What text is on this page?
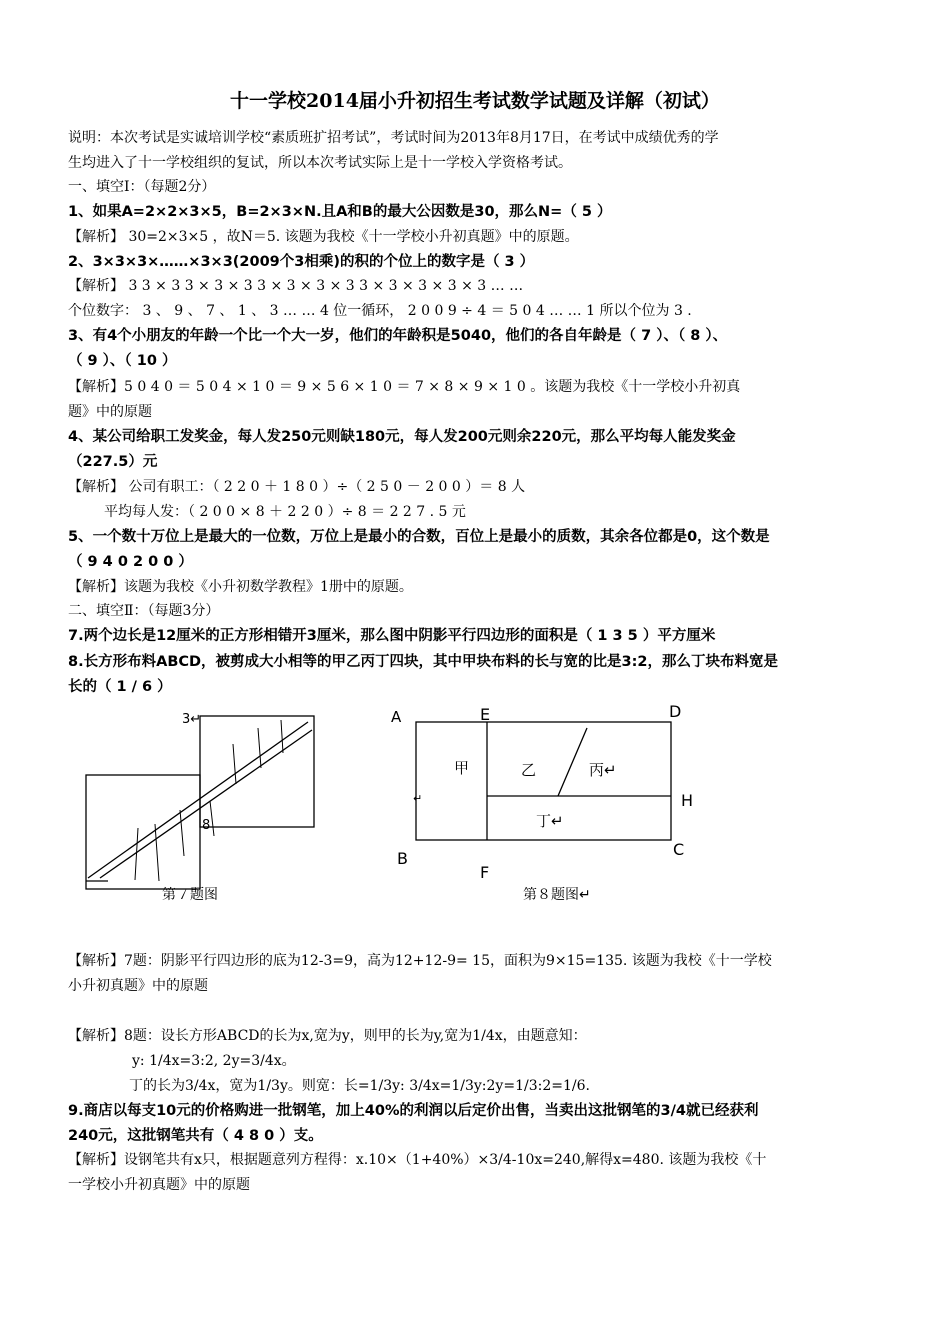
十一学校2014届小升初招生考试数学试题及详解（初试）
说明：本次考试是实诚培训学校“素质班扩招考试”，考试时间为2013年8月17日，在考试中成绩优秀的学
生均进入了十一学校组织的复试，所以本次考试实际上是十一学校入学资格考试。
一、填空Ⅰ：（每题2分）
1、如果A=2×2×3×5，B=2×3×N.且A和B的最大公因数是30，那么N=（ 5 ）
【解析】 30=2×3×5 ，故N＝5. 该题为我校《十一学校小升初真题》中的原题。
2、3×3×3×……×3×3(2009个3相乘)的积的个位上的数字是（ 3 ）
【解析】 3 3 × 3 3 × 3 × 3 3 × 3 × 3 × 3 3 × 3 × 3 × 3 × 3 … …
个位数字： 3 、 9 、 7 、 1 、 3 … … 4 位一循环， 2 0 0 9 ÷ 4 ＝ 5 0 4 … … 1 所以个位为 3 .
3、有4个小朋友的年龄一个比一个大一岁，他们的年龄积是5040，他们的各自年龄是（ 7 ）、（ 8 ）、
（ 9 ）、（ 10 ）
【解析】5 0 4 0 ＝ 5 0 4 × 1 0 ＝ 9 × 5 6 × 1 0 ＝ 7 × 8 × 9 × 1 0 。该题为我校《十一学校小升初真
题》中的原题
4、某公司给职工发奖金，每人发250元则缺180元，每人发200元则余220元，那么平均每人能发奖金
（227.5）元
【解析】 公司有职工：（ 2 2 0 ＋ 1 8 0 ）÷（ 2 5 0 － 2 0 0 ）＝ 8 人
平均每人发：（ 2 0 0 × 8 ＋ 2 2 0 ）÷ 8 ＝ 2 2 7 . 5 元
5、一个数十万位上是最大的一位数，万位上是最小的合数，百位上是最小的质数，其余各位都是0，这个数是
（ 9 4 0 2 0 0 ）
【解析】该题为我校《小升初数学教程》1册中的原题。
二、填空Ⅱ：（每题3分）
7.两个边长是12厘米的正方形相错开3厘米，那么图中阴影平行四边形的面积是（ 1 3 5 ）平方厘米
8.长方形布料ABCD，被剪成大小相等的甲乙丙丁四块，其中甲块布料的长与宽的比是3:2，那么丁块布料宽是
长的（ 1 / 6 ）
3↵
8
第７题图
A	E	D
B
F
C
H
甲	乙	丙↵
丁↵
↵
第８题图↵
【解析】7题：阴影平行四边形的底为12-3=9，高为12+12-9= 15，面积为9×15=135. 该题为我校《十一学校
小升初真题》中的原题
【解析】8题：设长方形ABCD的长为x,宽为y，则甲的长为y,宽为1/4x，由题意知：
y: 1/4x=3:2, 2y=3/4x。
丁的长为3/4x，宽为1/3y。则宽：长=1/3y: 3/4x=1/3y:2y=1/3:2=1/6.
9.商店以每支10元的价格购进一批钢笔，加上40%的利润以后定价出售，当卖出这批钢笔的3/4就已经获利
240元，这批钢笔共有（ 4 8 0 ）支。
【解析】设钢笔共有x只，根据题意列方程得：x.10×（1+40%）×3/4-10x=240,解得x=480. 该题为我校《十
一学校小升初真题》中的原题
